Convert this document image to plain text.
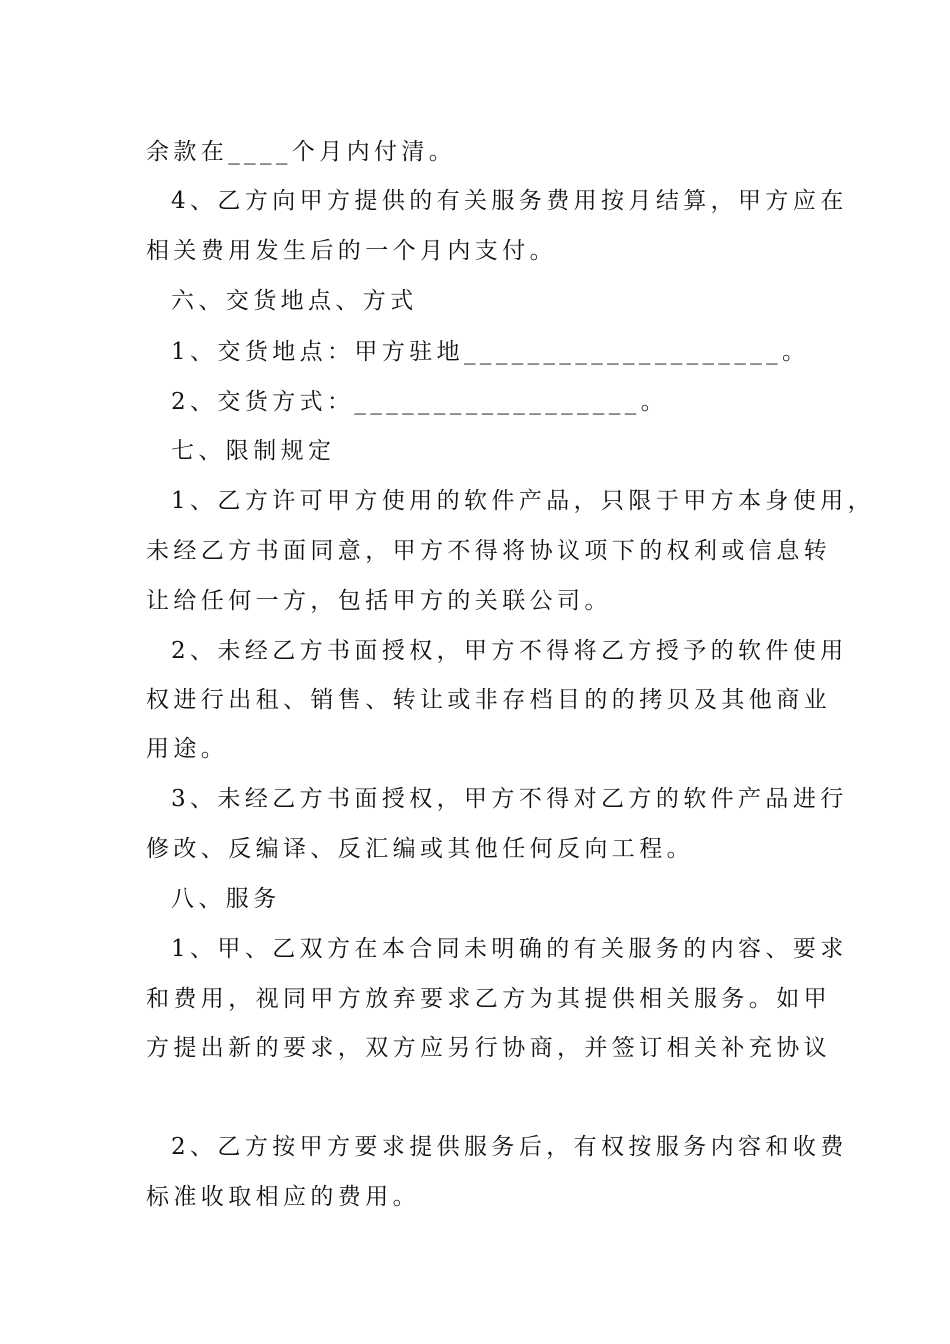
余款在____个月内付清。
4、乙方向甲方提供的有关服务费用按月结算，甲方应在
相关费用发生后的一个月内支付。
六、交货地点、方式
1、交货地点：甲方驻地____________________。
2、交货方式：__________________。
七、限制规定
1、乙方许可甲方使用的软件产品，只限于甲方本身使用，
未经乙方书面同意，甲方不得将协议项下的权利或信息转
让给任何一方，包括甲方的关联公司。
2、未经乙方书面授权，甲方不得将乙方授予的软件使用
权进行出租、销售、转让或非存档目的的拷贝及其他商业
用途。
3、未经乙方书面授权，甲方不得对乙方的软件产品进行
修改、反编译、反汇编或其他任何反向工程。
八、服务
1、甲、乙双方在本合同未明确的有关服务的内容、要求
和费用，视同甲方放弃要求乙方为其提供相关服务。如甲
方提出新的要求，双方应另行协商，并签订相关补充协议
2、乙方按甲方要求提供服务后，有权按服务内容和收费
标准收取相应的费用。
